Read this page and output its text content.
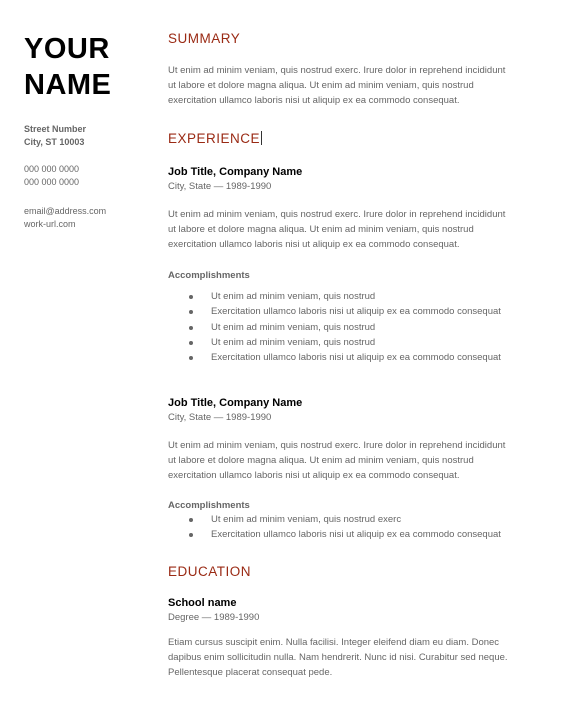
YOUR
NAME
Street Number
City, ST 10003
000 000 0000
000 000 0000
email@address.com
work-url.com
SUMMARY
Ut enim ad minim veniam, quis nostrud exerc. Irure dolor in reprehend incididunt
ut labore et dolore magna aliqua. Ut enim ad minim veniam, quis nostrud
exercitation ullamco laboris nisi ut aliquip ex ea commodo consequat.
EXPERIENCE
Job Title, Company Name
City, State — 1989-1990
Ut enim ad minim veniam, quis nostrud exerc. Irure dolor in reprehend incididunt
ut labore et dolore magna aliqua. Ut enim ad minim veniam, quis nostrud
exercitation ullamco laboris nisi ut aliquip ex ea commodo consequat.
Accomplishments
Ut enim ad minim veniam, quis nostrud
Exercitation ullamco laboris nisi ut aliquip ex ea commodo consequat
Ut enim ad minim veniam, quis nostrud
Ut enim ad minim veniam, quis nostrud
Exercitation ullamco laboris nisi ut aliquip ex ea commodo consequat
Job Title, Company Name
City, State — 1989-1990
Ut enim ad minim veniam, quis nostrud exerc. Irure dolor in reprehend incididunt
ut labore et dolore magna aliqua. Ut enim ad minim veniam, quis nostrud
exercitation ullamco laboris nisi ut aliquip ex ea commodo consequat.
Accomplishments
Ut enim ad minim veniam, quis nostrud exerc
Exercitation ullamco laboris nisi ut aliquip ex ea commodo consequat
EDUCATION
School name
Degree — 1989-1990
Etiam cursus suscipit enim. Nulla facilisi. Integer eleifend diam eu diam. Donec
dapibus enim sollicitudin nulla. Nam hendrerit. Nunc id nisi. Curabitur sed neque.
Pellentesque placerat consequat pede.
